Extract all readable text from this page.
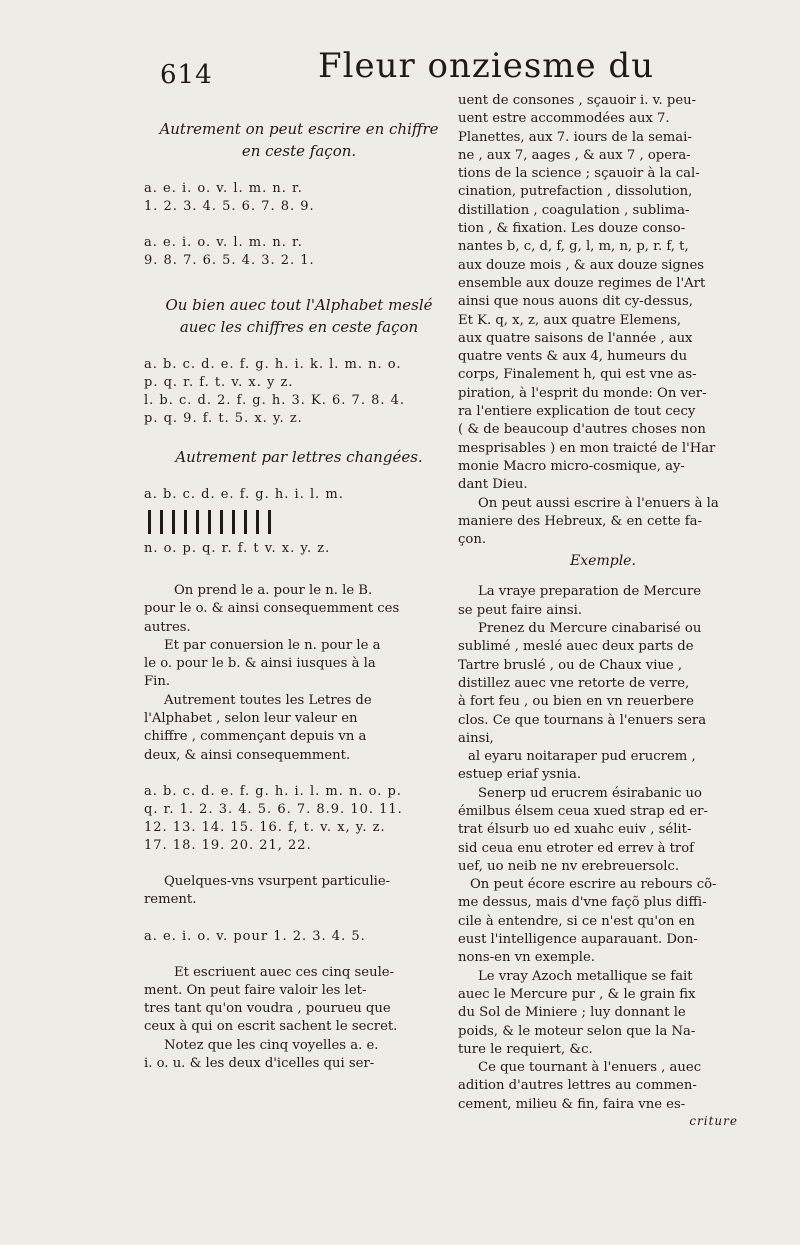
614	Fleur onziesme du
Autrement on peut escrire en chiffre
en ceste façon.
a. e. i. o. v. l. m. n. r.
1. 2. 3. 4. 5. 6. 7. 8. 9.
a. e. i. o. v. l. m. n. r.
9. 8. 7. 6. 5. 4. 3. 2. 1.
Ou bien auec tout l'Alphabet meslé
auec les chiffres en ceste façon
a. b. c. d. e. f. g. h. i. k. l. m. n. o.
p. q. r. f. t. v. x. y z.
l. b. c. d. 2. f. g. h. 3. K. 6. 7. 8. 4.
p. q. 9. f. t. 5. x. y. z.
Autrement par lettres changées.
a. b. c. d. e. f. g. h. i. l. m.
n. o. p. q. r. f. t v. x. y. z.
On prend le a. pour le n. le B.
pour le o. & ainsi consequemment ces
autres.
Et par conuersion le n. pour le a
le o. pour le b. & ainsi iusques à la
Fin.
Autrement toutes les Letres de
l'Alphabet , selon leur valeur en
chiffre , commençant depuis vn a
deux, & ainsi consequemment.
a. b. c. d. e. f. g. h. i. l. m. n. o. p.
q. r. 1. 2. 3. 4. 5. 6. 7. 8.9. 10. 11.
12. 13. 14. 15. 16. f, t. v. x, y. z.
17. 18. 19. 20. 21, 22.
Quelques-vns vsurpent particulie-
rement.
a. e. i. o. v. pour 1. 2. 3. 4. 5.
Et escriuent auec ces cinq seule-
ment. On peut faire valoir les let-
tres tant qu'on voudra , pourueu que
ceux à qui on escrit sachent le secret.
Notez que les cinq voyelles a. e.
i. o. u. & les deux d'icelles qui ser-
uent de consones , sçauoir i. v. peu-
uent estre accommodées aux 7.
Planettes, aux 7. iours de la semai-
ne , aux 7, aages , & aux 7 , opera-
tions de la science ; sçauoir à la cal-
cination, putrefaction , dissolution,
distillation , coagulation , sublima-
tion , & fixation. Les douze conso-
nantes b, c, d, f, g, l, m, n, p, r. f, t,
aux douze mois , & aux douze signes
ensemble aux douze regimes de l'Art
ainsi que nous auons dit cy-dessus,
Et K. q, x, z, aux quatre Elemens,
aux quatre saisons de l'année , aux
quatre vents & aux 4, humeurs du
corps, Finalement h, qui est vne as-
piration, à l'esprit du monde: On ver-
ra l'entiere explication de tout cecy
( & de beaucoup d'autres choses non
mesprisables ) en mon traicté de l'Har
monie Macro micro-cosmique, ay-
dant Dieu.
On peut aussi escrire à l'enuers à la
maniere des Hebreux, & en cette fa-
çon.
Exemple.
La vraye preparation de Mercure
se peut faire ainsi.
Prenez du Mercure cinabarisé ou
sublimé , meslé auec deux parts de
Tartre bruslé , ou de Chaux viue ,
distillez auec vne retorte de verre,
à fort feu , ou bien en vn reuerbere
clos. Ce que tournans à l'enuers sera
ainsi,
al eyaru noitaraper pud erucrem ,
estuep eriaf ysnia.
Senerp ud erucrem ésirabanic uo
émilbus élsem ceua xued strap ed er-
trat élsurb uo ed xuahc euiv , sélit-
sid ceua enu etroter ed errev à trof
uef, uo neib ne nv erebreuersolc.
On peut écore escrire au rebours cõ-
me dessus, mais d'vne façõ plus diffi-
cile à entendre, si ce n'est qu'on en
eust l'intelligence auparauant. Don-
nons-en vn exemple.
Le vray Azoch metallique se fait
auec le Mercure pur , & le grain fix
du Sol de Miniere ; luy donnant le
poids, & le moteur selon que la Na-
ture le requiert, &c.
Ce que tournant à l'enuers , auec
adition d'autres lettres au commen-
cement, milieu & fin, faira vne es-
criture
